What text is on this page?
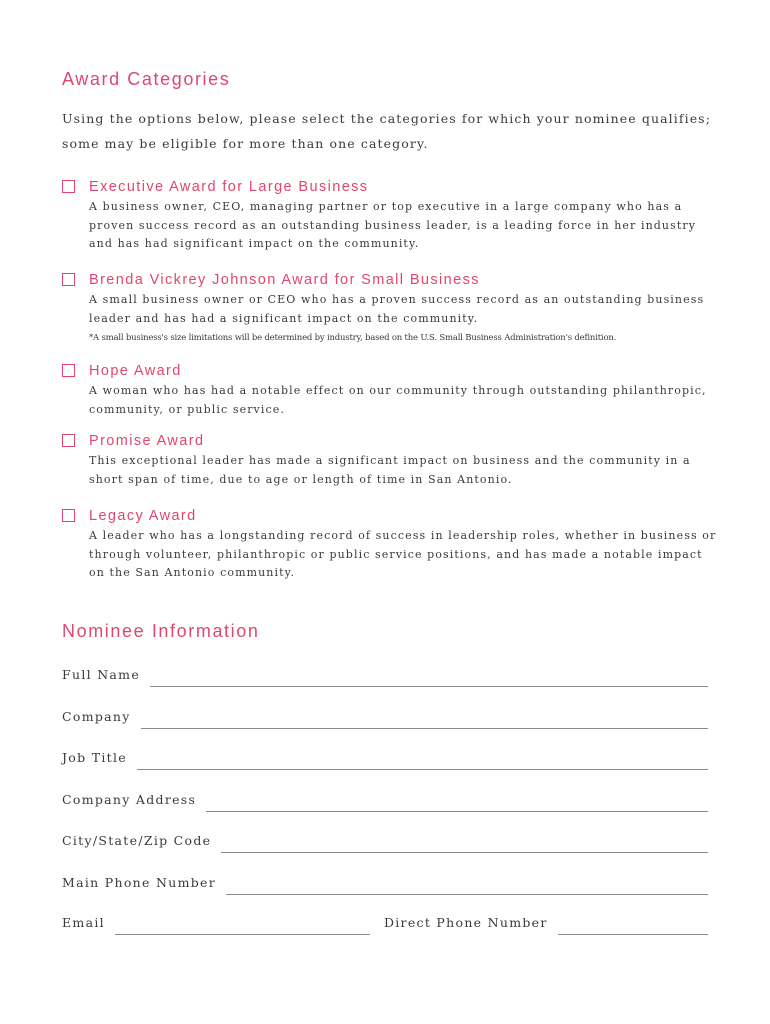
Award Categories

Using the options below, please select the categories for which your nominee qualifies; some may be eligible for more than one category.

Executive Award for Large Business

A business owner, CEO, managing partner or top executive in a large company who has a proven success record as an outstanding business leader, is a leading force in her industry and has had significant impact on the community.

Brenda Vickrey Johnson Award for Small Business

A small business owner or CEO who has a proven success record as an outstanding business leader and has had a significant impact on the community.

*A small business's size limitations will be determined by industry, based on the U.S. Small Business Administration's definition.

Hope Award

A woman who has had a notable effect on our community through outstanding philanthropic, community, or public service.

Promise Award

This exceptional leader has made a significant impact on business and the community in a short span of time, due to age or length of time in San Antonio.

Legacy Award

A leader who has a longstanding record of success in leadership roles, whether in business or through volunteer, philanthropic or public service positions, and has made a notable impact on the San Antonio community.

Nominee Information
Full Name
Company
Job Title
Company Address
City/State/Zip Code
Main Phone Number
Email	Direct Phone Number
